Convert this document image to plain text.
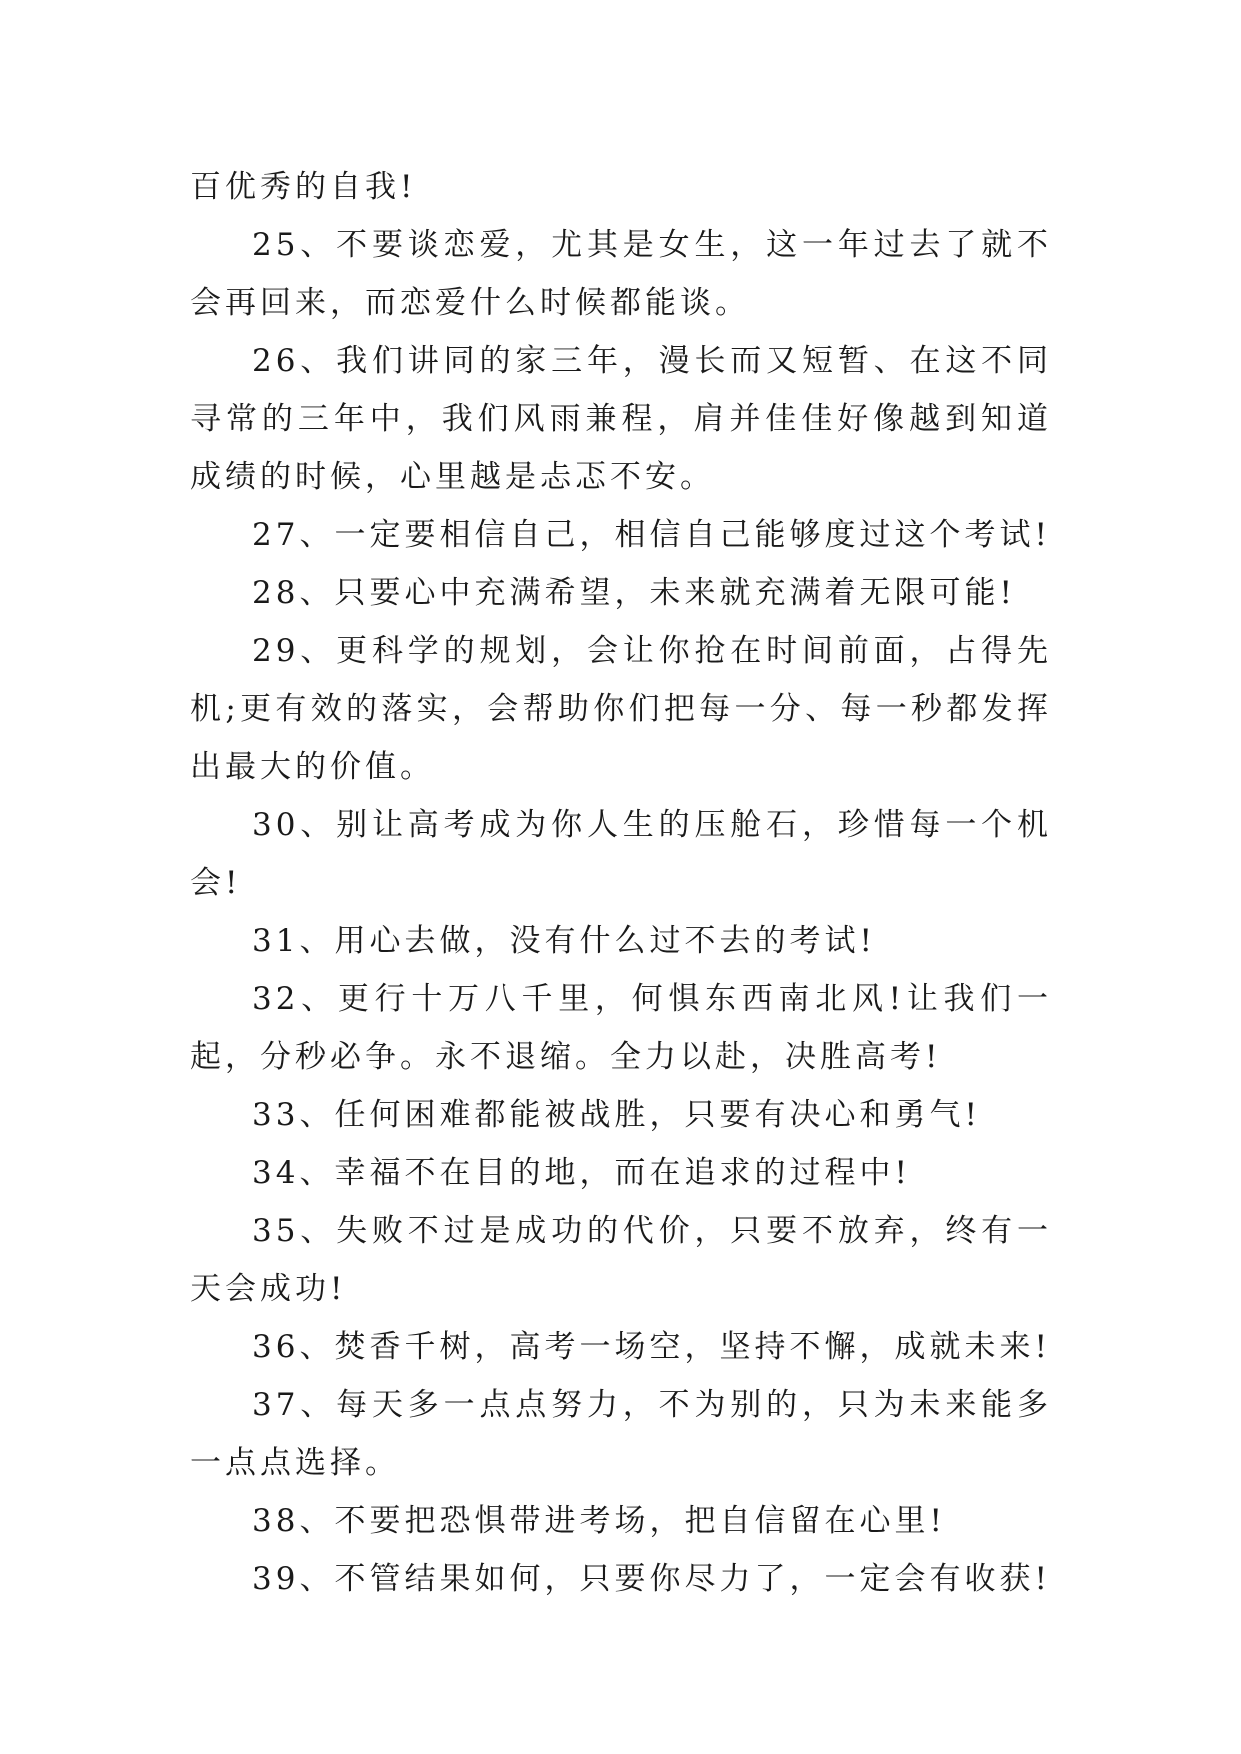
百优秀的自我!

25、不要谈恋爱，尤其是女生，这一年过去了就不会再回来，而恋爱什么时候都能谈。

26、我们讲同的家三年，漫长而又短暂、在这不同寻常的三年中，我们风雨兼程，肩并佳佳好像越到知道成绩的时候，心里越是忐忑不安。

27、一定要相信自己，相信自己能够度过这个考试!

28、只要心中充满希望，未来就充满着无限可能!

29、更科学的规划，会让你抢在时间前面，占得先机;更有效的落实，会帮助你们把每一分、每一秒都发挥出最大的价值。

30、别让高考成为你人生的压舱石，珍惜每一个机会!

31、用心去做，没有什么过不去的考试!

32、更行十万八千里，何惧东西南北风!让我们一起，分秒必争。永不退缩。全力以赴，决胜高考!

33、任何困难都能被战胜，只要有决心和勇气!

34、幸福不在目的地，而在追求的过程中!

35、失败不过是成功的代价，只要不放弃，终有一天会成功!

36、焚香千树，高考一场空，坚持不懈，成就未来!

37、每天多一点点努力，不为别的，只为未来能多一点点选择。

38、不要把恐惧带进考场，把自信留在心里!

39、不管结果如何，只要你尽力了，一定会有收获!
